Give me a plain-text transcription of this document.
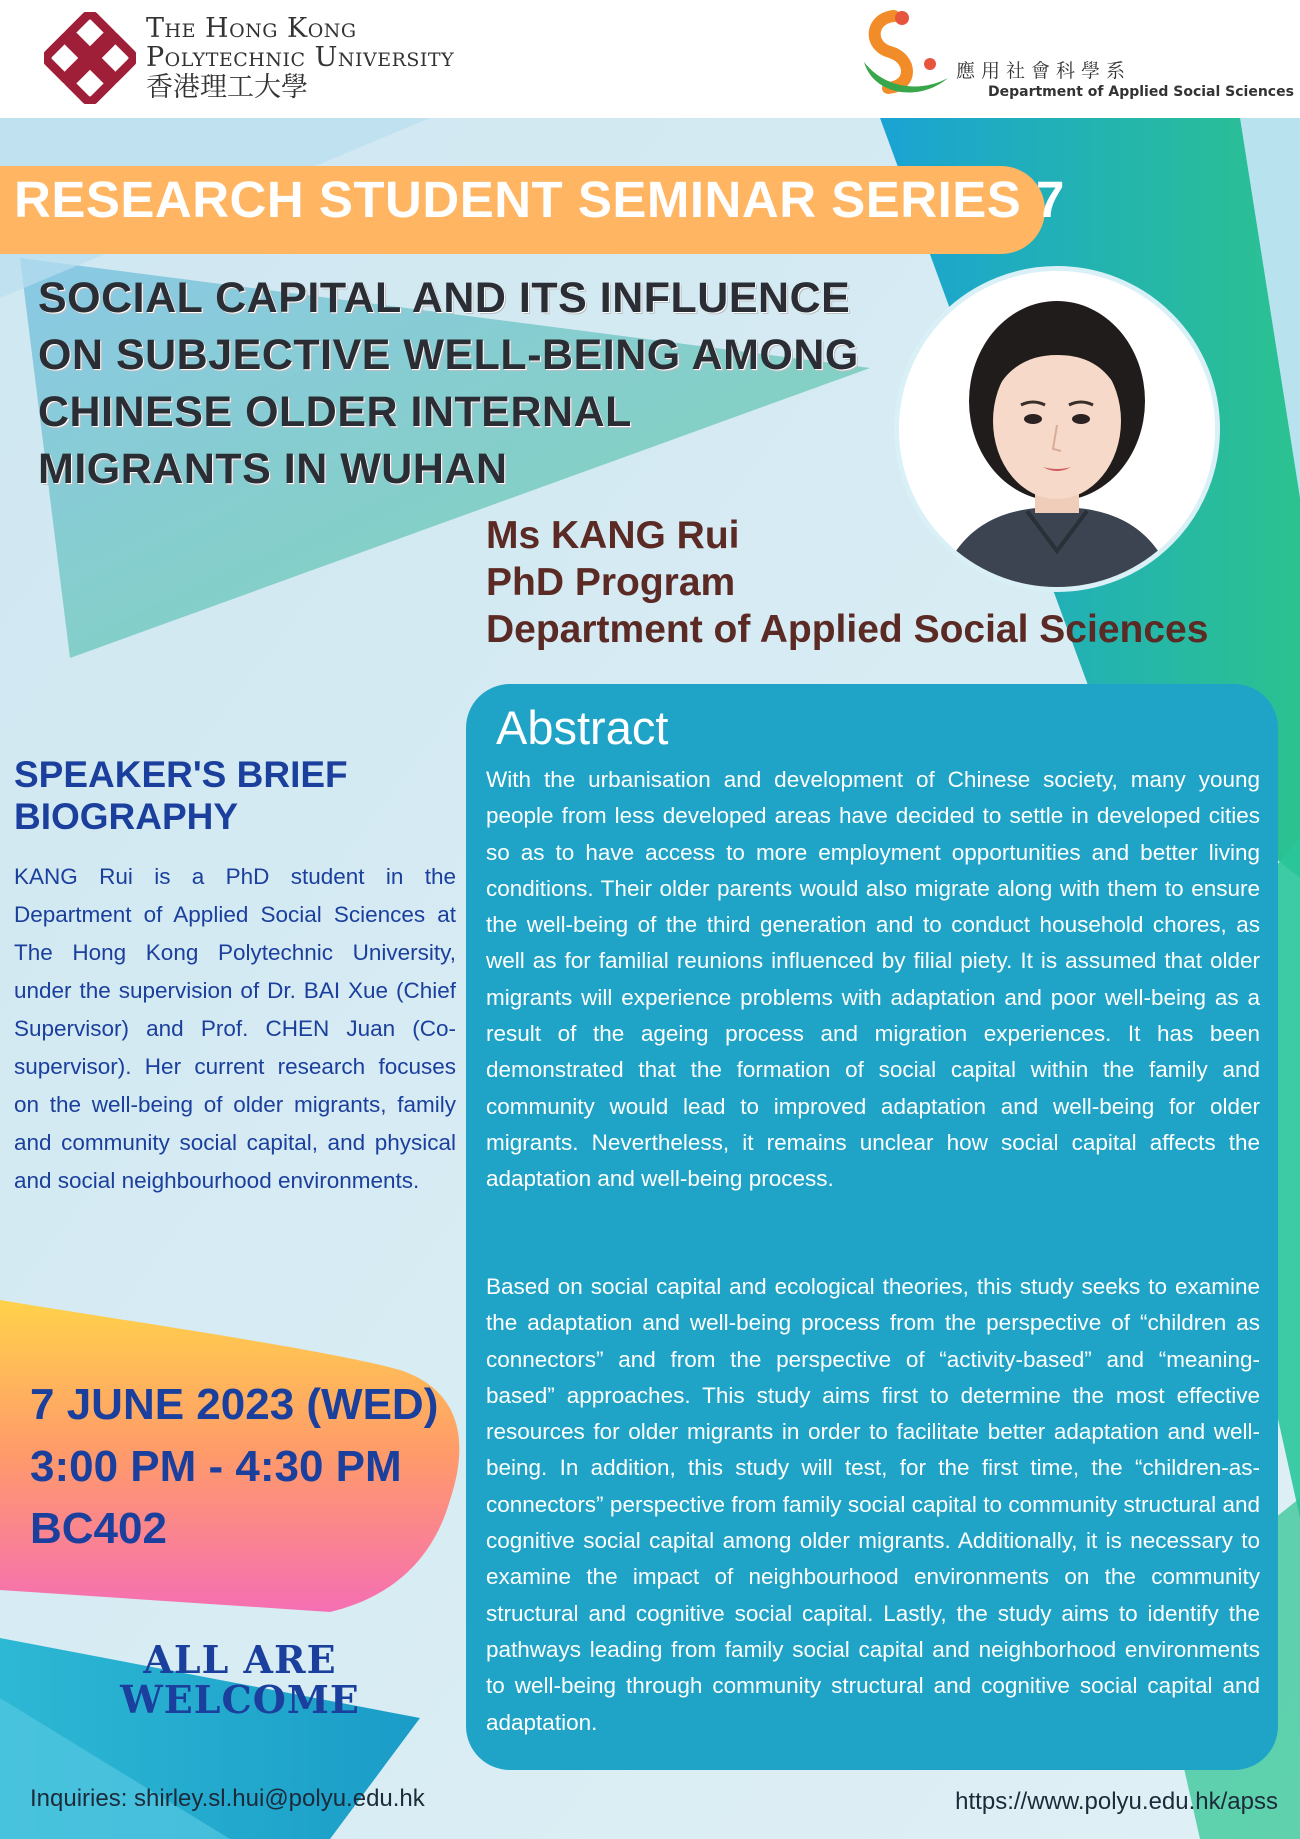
The Hong Kong
Polytechnic University
香港理工大學
應用社會科學系
Department of Applied Social Sciences
RESEARCH STUDENT SEMINAR SERIES 7
SOCIAL CAPITAL AND ITS INFLUENCE ON SUBJECTIVE WELL-BEING AMONG CHINESE OLDER INTERNAL MIGRANTS IN WUHAN
Ms KANG Rui
PhD Program
Department of Applied Social Sciences
Abstract
With the urbanisation and development of Chinese society, many young people from less developed areas have decided to settle in developed cities so as to have access to more employment opportunities and better living conditions. Their older parents would also migrate along with them to ensure the well-being of the third generation and to conduct household chores, as well as for familial reunions influenced by filial piety. It is assumed that older migrants will experience problems with adaptation and poor well-being as a result of the ageing process and migration experiences. It has been demonstrated that the formation of social capital within the family and community would lead to improved adaptation and well-being for older migrants. Nevertheless, it remains unclear how social capital affects the adaptation and well-being process.
Based on social capital and ecological theories, this study seeks to examine the adaptation and well-being process from the perspective of “children as connectors” and from the perspective of “activity-based” and “meaning-based” approaches. This study aims first to determine the most effective resources for older migrants in order to facilitate better adaptation and well-being. In addition, this study will test, for the first time, the “children-as-connectors” perspective from family social capital to community structural and cognitive social capital among older migrants. Additionally, it is necessary to examine the impact of neighbourhood environments on the community structural and cognitive social capital. Lastly, the study aims to identify the pathways leading from family social capital and neighborhood environments to well-being through community structural and cognitive social capital and adaptation.
SPEAKER'S BRIEF BIOGRAPHY
KANG Rui is a PhD student in the Department of Applied Social Sciences at The Hong Kong Polytechnic University, under the supervision of Dr. BAI Xue (Chief Supervisor) and Prof. CHEN Juan (Co-supervisor). Her current research focuses on the well-being of older migrants, family and community social capital, and physical and social neighbourhood environments.
7 JUNE 2023 (WED)
3:00 PM - 4:30 PM
BC402
ALL ARE
WELCOME
Inquiries: shirley.sl.hui@polyu.edu.hk	https://www.polyu.edu.hk/apss
